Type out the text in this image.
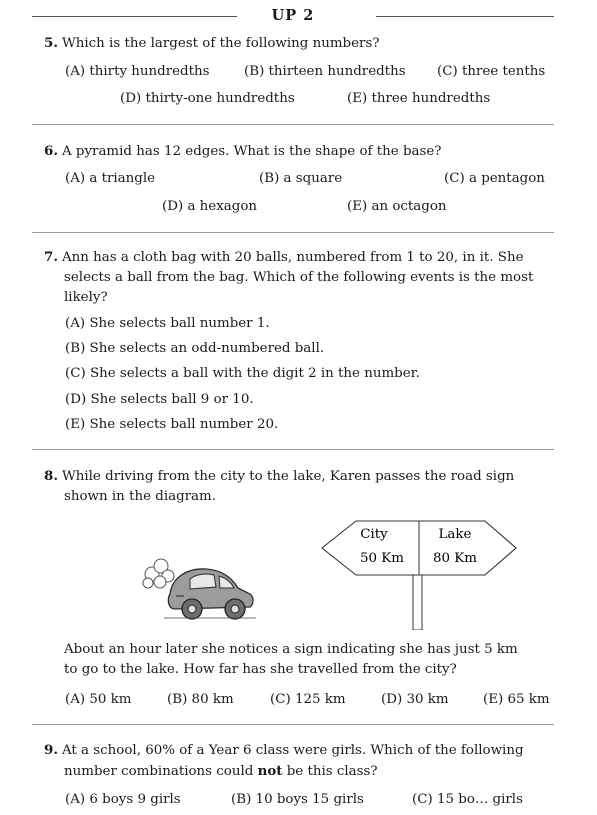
UP 2
5. Which is the largest of the following numbers?
(A) thirty hundredths	(B) thirteen hundredths (C) three tenths
(D) thirty-one hundredths	(E) three hundredths
6. A pyramid has 12 edges. What is the shape of the base?
(A) a triangle	(B) a square	(C) a pentagon
(D) a hexagon	(E) an octagon
7. Ann has a cloth bag with 20 balls, numbered from 1 to 20, in it. She
selects a ball from the bag. Which of the following events is the most
likely?
(A) She selects ball number 1.
(B) She selects an odd-numbered ball.
(C) She selects a ball with the digit 2 in the number.
(D) She selects ball 9 or 10.
(E) She selects ball number 20.
8. While driving from the city to the lake, Karen passes the road sign
shown in the diagram.
City	Lake
50 Km 80 Km
About an hour later she notices a sign indicating she has just 5 km
to go to the lake. How far has she travelled from the city?
(A) 50 km	(B) 80 km	(C) 125 km	(D) 30 km	(E) 65 km
9. At a school, 60% of a Year 6 class were girls. Which of the following
number combinations could not be this class?
(A) 6 boys 9 girls	(B) 10 boys 15 girls	(C) 15 bo… girls
